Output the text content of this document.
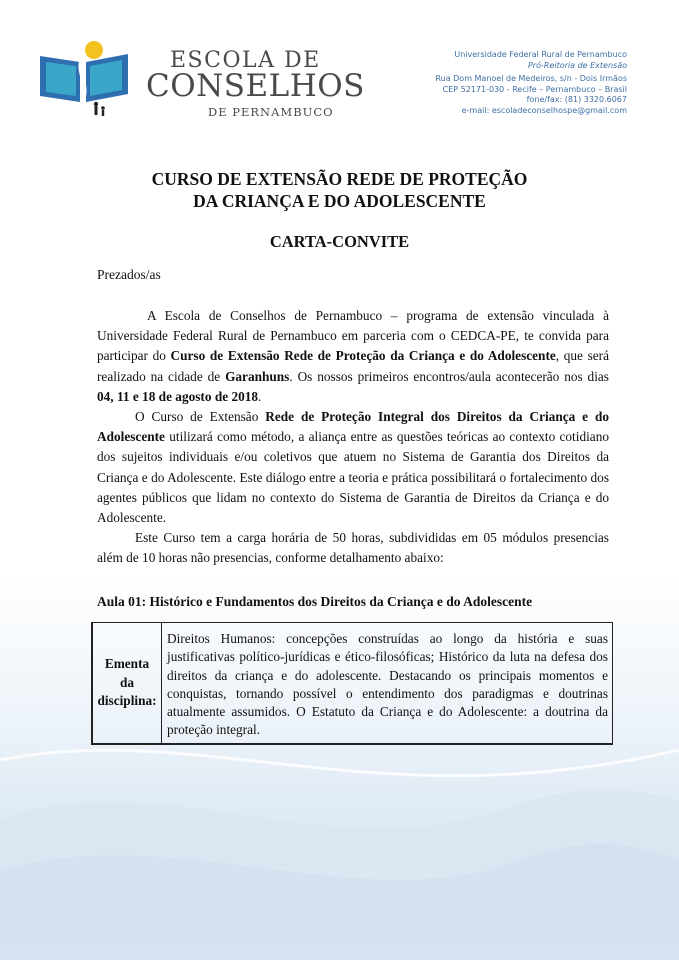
ESCOLA DE
CONSELHOS
DE PERNAMBUCO
Universidade Federal Rural de Pernambuco
Pró-Reitoria de Extensão
Rua Dom Manoel de Medeiros, s/n - Dois Irmãos
CEP 52171-030 - Recife – Pernambuco – Brasil
fone/fax: (81) 3320.6067
e-mail: escoladeconselhospe@gmail.com
CURSO DE EXTENSÃO REDE DE PROTEÇÃO
DA CRIANÇA E DO ADOLESCENTE
CARTA-CONVITE
Prezados/as

A Escola de Conselhos de Pernambuco – programa de extensão vinculada à Universidade Federal Rural de Pernambuco em parceria com o CEDCA-PE, te convida para participar do Curso de Extensão Rede de Proteção da Criança e do Adolescente, que será realizado na cidade de Garanhuns. Os nossos primeiros encontros/aula acontecerão nos dias 04, 11 e 18 de agosto de 2018.

O Curso de Extensão Rede de Proteção Integral dos Direitos da Criança e do Adolescente utilizará como método, a aliança entre as questões teóricas ao contexto cotidiano dos sujeitos individuais e/ou coletivos que atuem no Sistema de Garantia dos Direitos da Criança e do Adolescente. Este diálogo entre a teoria e prática possibilitará o fortalecimento dos agentes públicos que lidam no contexto do Sistema de Garantia de Direitos da Criança e do Adolescente.

Este Curso tem a carga horária de 50 horas, subdivididas em 05 módulos presencias além de 10 horas não presencias, conforme detalhamento abaixo:

Aula 01: Histórico e Fundamentos dos Direitos da Criança e do Adolescente
Ementa
da
disciplina:
	Direitos Humanos: concepções construídas ao longo da história e suas justificativas político-jurídicas e ético-filosóficas; Histórico da luta na defesa dos direitos da criança e do adolescente. Destacando os principais momentos e conquistas, tornando possível o entendimento dos paradigmas e doutrinas atualmente assumidos. O Estatuto da Criança e do Adolescente: a doutrina da proteção integral.
